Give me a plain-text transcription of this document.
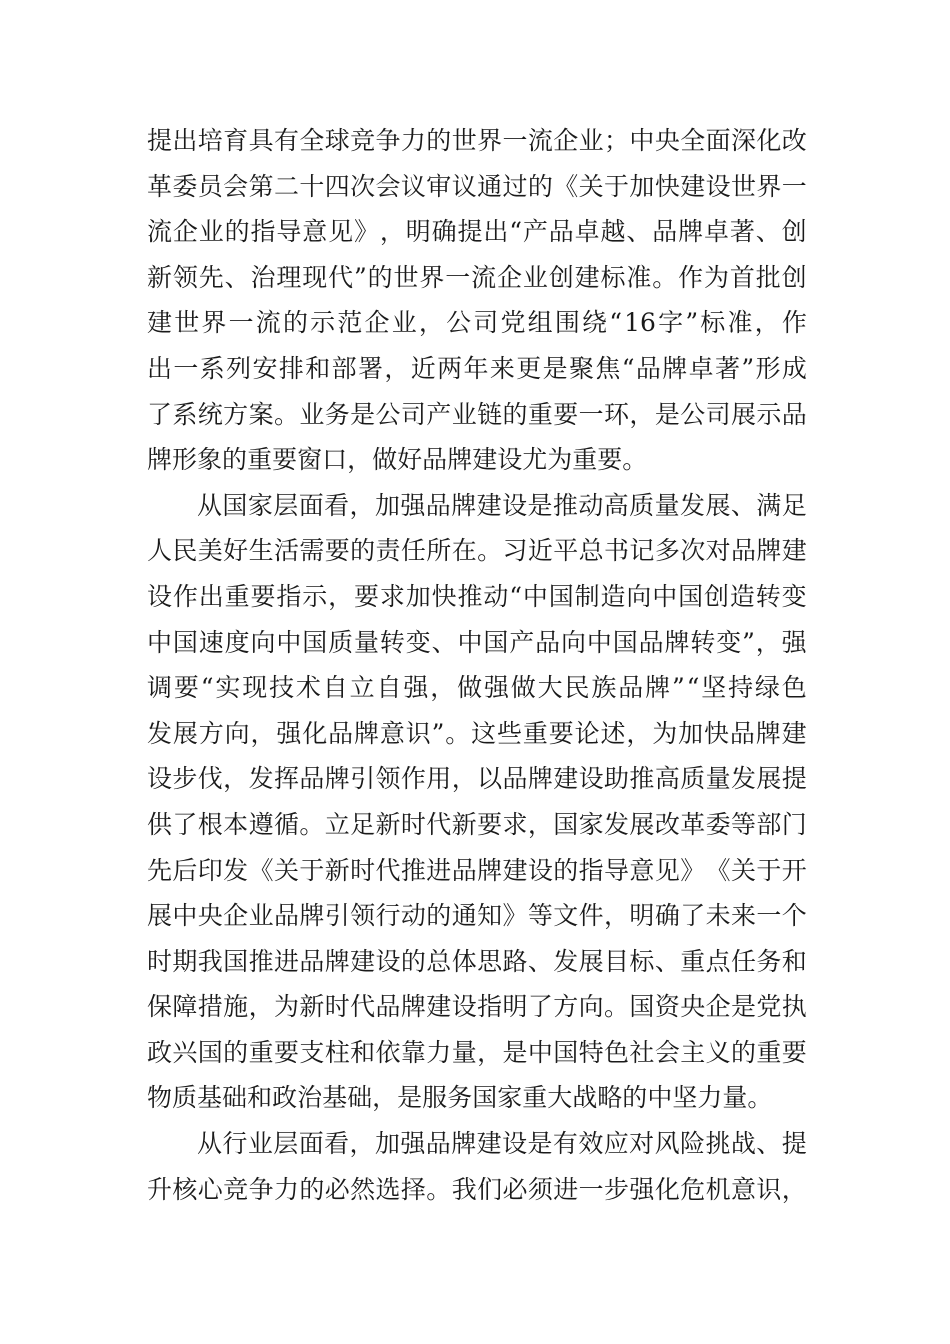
提 出 培 育 具 有 全 球 竞 争 力 的 世 界 一 流 企 业 ； 中 央 全 面 深 化 改
革 委 员 会 第 二 十 四 次 会 议 审 议 通 过 的 《 关 于 加 快 建 设 世 界 一
流 企 业 的 指 导 意 见 》 ， 明 确 提 出 “ 产 品 卓 越 、 品 牌 卓 著 、 创
新 领 先 、 治 理 现 代 ” 的 世 界 一 流 企 业 创 建 标 准 。 作 为 首 批 创
建 世 界 一 流 的 示 范 企 业 ， 公 司 党 组 围 绕 “ 16 字 ” 标 准 ， 作
出 一 系 列 安 排 和 部 署 ， 近 两 年 来 更 是 聚 焦 “ 品 牌 卓 著 ” 形 成
了 系 统 方 案 。 业 务 是 公 司 产 业 链 的 重 要 一 环 ， 是 公 司 展 示 品
牌 形 象 的 重 要 窗 口 ， 做 好 品 牌 建 设 尤 为 重 要 。
从 国 家 层 面 看 ， 加 强 品 牌 建 设 是 推 动 高 质 量 发 展 、 满 足
人 民 美 好 生 活 需 要 的 责 任 所 在 。 习 近 平 总 书 记 多 次 对 品 牌 建
设 作 出 重 要 指 示 ， 要 求 加 快 推 动 “ 中 国 制 造 向 中 国 创 造 转 变
中 国 速 度 向 中 国 质 量 转 变 、 中 国 产 品 向 中 国 品 牌 转 变 ” ， 强
调 要 “ 实 现 技 术 自 立 自 强 ， 做 强 做 大 民 族 品 牌 ” “ 坚 持 绿 色
发 展 方 向 ， 强 化 品 牌 意 识 ” 。 这 些 重 要 论 述 ， 为 加 快 品 牌 建
设 步 伐 ， 发 挥 品 牌 引 领 作 用 ， 以 品 牌 建 设 助 推 高 质 量 发 展 提
供 了 根 本 遵 循 。 立 足 新 时 代 新 要 求 ， 国 家 发 展 改 革 委 等 部 门
先 后 印 发 《 关 于 新 时 代 推 进 品 牌 建 设 的 指 导 意 见 》 《 关 于 开
展 中 央 企 业 品 牌 引 领 行 动 的 通 知 》 等 文 件 ， 明 确 了 未 来 一 个
时 期 我 国 推 进 品 牌 建 设 的 总 体 思 路 、 发 展 目 标 、 重 点 任 务 和
保 障 措 施 ， 为 新 时 代 品 牌 建 设 指 明 了 方 向 。 国 资 央 企 是 党 执
政 兴 国 的 重 要 支 柱 和 依 靠 力 量 ， 是 中 国 特 色 社 会 主 义 的 重 要
物 质 基 础 和 政 治 基 础 ， 是 服 务 国 家 重 大 战 略 的 中 坚 力 量 。
从 行 业 层 面 看 ， 加 强 品 牌 建 设 是 有 效 应 对 风 险 挑 战 、 提
升 核 心 竞 争 力 的 必 然 选 择 。 我 们 必 须 进 一 步 强 化 危 机 意 识 ，
